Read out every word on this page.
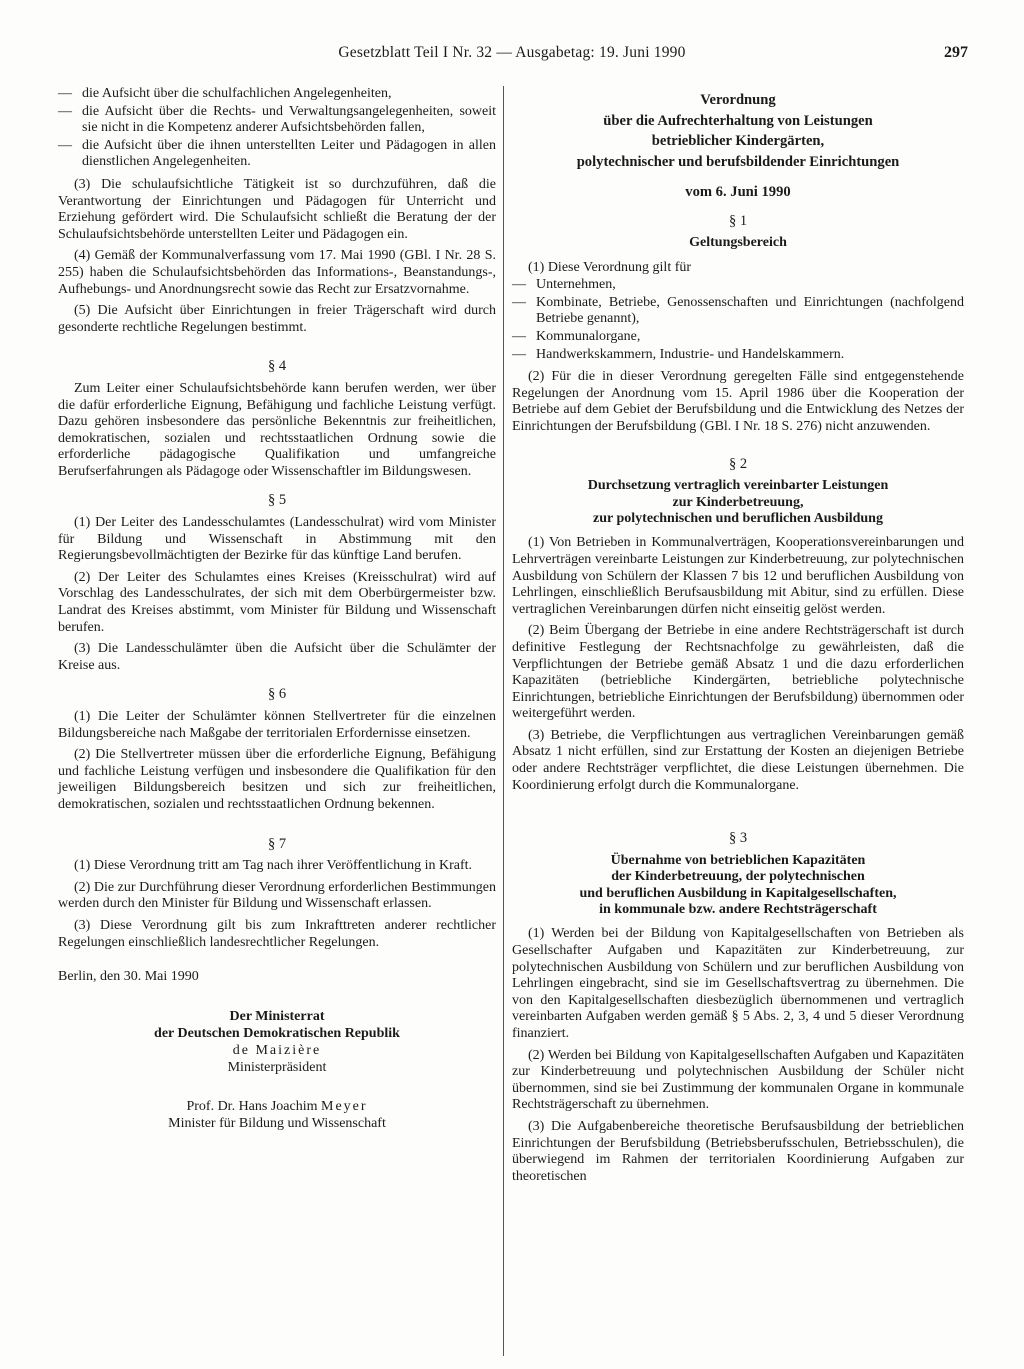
Gesetzblatt Teil I Nr. 32 — Ausgabetag: 19. Juni 1990	297
— die Aufsicht über die schulfachlichen Angelegenheiten,
— die Aufsicht über die Rechts- und Verwaltungsangelegenheiten, soweit sie nicht in die Kompetenz anderer Aufsichtsbehörden fallen,
— die Aufsicht über die ihnen unterstellten Leiter und Pädagogen in allen dienstlichen Angelegenheiten.

(3) Die schulaufsichtliche Tätigkeit ist so durchzuführen, daß die Verantwortung der Einrichtungen und Pädagogen für Unterricht und Erziehung gefördert wird. Die Schulaufsicht schließt die Beratung der der Schulaufsichtsbehörde unterstellten Leiter und Pädagogen ein.

(4) Gemäß der Kommunalverfassung vom 17. Mai 1990 (GBl. I Nr. 28 S. 255) haben die Schulaufsichtsbehörden das Informations-, Beanstandungs-, Aufhebungs- und Anordnungsrecht sowie das Recht zur Ersatzvornahme.

(5) Die Aufsicht über Einrichtungen in freier Trägerschaft wird durch gesonderte rechtliche Regelungen bestimmt.

§ 4

Zum Leiter einer Schulaufsichtsbehörde kann berufen werden, wer über die dafür erforderliche Eignung, Befähigung und fachliche Leistung verfügt. Dazu gehören insbesondere das persönliche Bekenntnis zur freiheitlichen, demokratischen, sozialen und rechtsstaatlichen Ordnung sowie die erforderliche pädagogische Qualifikation und umfangreiche Berufserfahrungen als Pädagoge oder Wissenschaftler im Bildungswesen.

§ 5

(1) Der Leiter des Landesschulamtes (Landesschulrat) wird vom Minister für Bildung und Wissenschaft in Abstimmung mit den Regierungsbevollmächtigten der Bezirke für das künftige Land berufen.

(2) Der Leiter des Schulamtes eines Kreises (Kreisschulrat) wird auf Vorschlag des Landesschulrates, der sich mit dem Oberbürgermeister bzw. Landrat des Kreises abstimmt, vom Minister für Bildung und Wissenschaft berufen.

(3) Die Landesschulämter üben die Aufsicht über die Schulämter der Kreise aus.

§ 6

(1) Die Leiter der Schulämter können Stellvertreter für die einzelnen Bildungsbereiche nach Maßgabe der territorialen Erfordernisse einsetzen.

(2) Die Stellvertreter müssen über die erforderliche Eignung, Befähigung und fachliche Leistung verfügen und insbesondere die Qualifikation für den jeweiligen Bildungsbereich besitzen und sich zur freiheitlichen, demokratischen, sozialen und rechtsstaatlichen Ordnung bekennen.

§ 7

(1) Diese Verordnung tritt am Tag nach ihrer Veröffentlichung in Kraft.

(2) Die zur Durchführung dieser Verordnung erforderlichen Bestimmungen werden durch den Minister für Bildung und Wissenschaft erlassen.

(3) Diese Verordnung gilt bis zum Inkrafttreten anderer rechtlicher Regelungen einschließlich landesrechtlicher Regelungen.

Berlin, den 30. Mai 1990

Der Ministerrat
der Deutschen Demokratischen Republik
de Maizière
Ministerpräsident
Prof. Dr. Hans Joachim Meyer
Minister für Bildung und Wissenschaft
Verordnung
über die Aufrechterhaltung von Leistungen
betrieblicher Kindergärten,
polytechnischer und berufsbildender Einrichtungen
vom 6. Juni 1990
§ 1
Geltungsbereich

(1) Diese Verordnung gilt für

— Unternehmen,
— Kombinate, Betriebe, Genossenschaften und Einrichtungen (nachfolgend Betriebe genannt),
— Kommunalorgane,
— Handwerkskammern, Industrie- und Handelskammern.

(2) Für die in dieser Verordnung geregelten Fälle sind entgegenstehende Regelungen der Anordnung vom 15. April 1986 über die Kooperation der Betriebe auf dem Gebiet der Berufsbildung und die Entwicklung des Netzes der Einrichtungen der Berufsbildung (GBl. I Nr. 18 S. 276) nicht anzuwenden.

§ 2
Durchsetzung vertraglich vereinbarter Leistungen
zur Kinderbetreuung,
zur polytechnischen und beruflichen Ausbildung

(1) Von Betrieben in Kommunalverträgen, Kooperationsvereinbarungen und Lehrverträgen vereinbarte Leistungen zur Kinderbetreuung, zur polytechnischen Ausbildung von Schülern der Klassen 7 bis 12 und beruflichen Ausbildung von Lehrlingen, einschließlich Berufsausbildung mit Abitur, sind zu erfüllen. Diese vertraglichen Vereinbarungen dürfen nicht einseitig gelöst werden.

(2) Beim Übergang der Betriebe in eine andere Rechtsträgerschaft ist durch definitive Festlegung der Rechtsnachfolge zu gewährleisten, daß die Verpflichtungen der Betriebe gemäß Absatz 1 und die dazu erforderlichen Kapazitäten (betriebliche Kindergärten, betriebliche polytechnische Einrichtungen, betriebliche Einrichtungen der Berufsbildung) übernommen oder weitergeführt werden.

(3) Betriebe, die Verpflichtungen aus vertraglichen Vereinbarungen gemäß Absatz 1 nicht erfüllen, sind zur Erstattung der Kosten an diejenigen Betriebe oder andere Rechtsträger verpflichtet, die diese Leistungen übernehmen. Die Koordinierung erfolgt durch die Kommunalorgane.

§ 3
Übernahme von betrieblichen Kapazitäten
der Kinderbetreuung, der polytechnischen
und beruflichen Ausbildung in Kapitalgesellschaften,
in kommunale bzw. andere Rechtsträgerschaft

(1) Werden bei der Bildung von Kapitalgesellschaften von Betrieben als Gesellschafter Aufgaben und Kapazitäten zur Kinderbetreuung, zur polytechnischen Ausbildung von Schülern und zur beruflichen Ausbildung von Lehrlingen eingebracht, sind sie im Gesellschaftsvertrag zu übernehmen. Die von den Kapitalgesellschaften diesbezüglich übernommenen und vertraglich vereinbarten Aufgaben werden gemäß § 5 Abs. 2, 3, 4 und 5 dieser Verordnung finanziert.

(2) Werden bei Bildung von Kapitalgesellschaften Aufgaben und Kapazitäten zur Kinderbetreuung und polytechnischen Ausbildung der Schüler nicht übernommen, sind sie bei Zustimmung der kommunalen Organe in kommunale Rechtsträgerschaft zu übernehmen.

(3) Die Aufgabenbereiche theoretische Berufsausbildung der betrieblichen Einrichtungen der Berufsbildung (Betriebsberufsschulen, Betriebsschulen), die überwiegend im Rahmen der territorialen Koordinierung Aufgaben zur theoretischen
